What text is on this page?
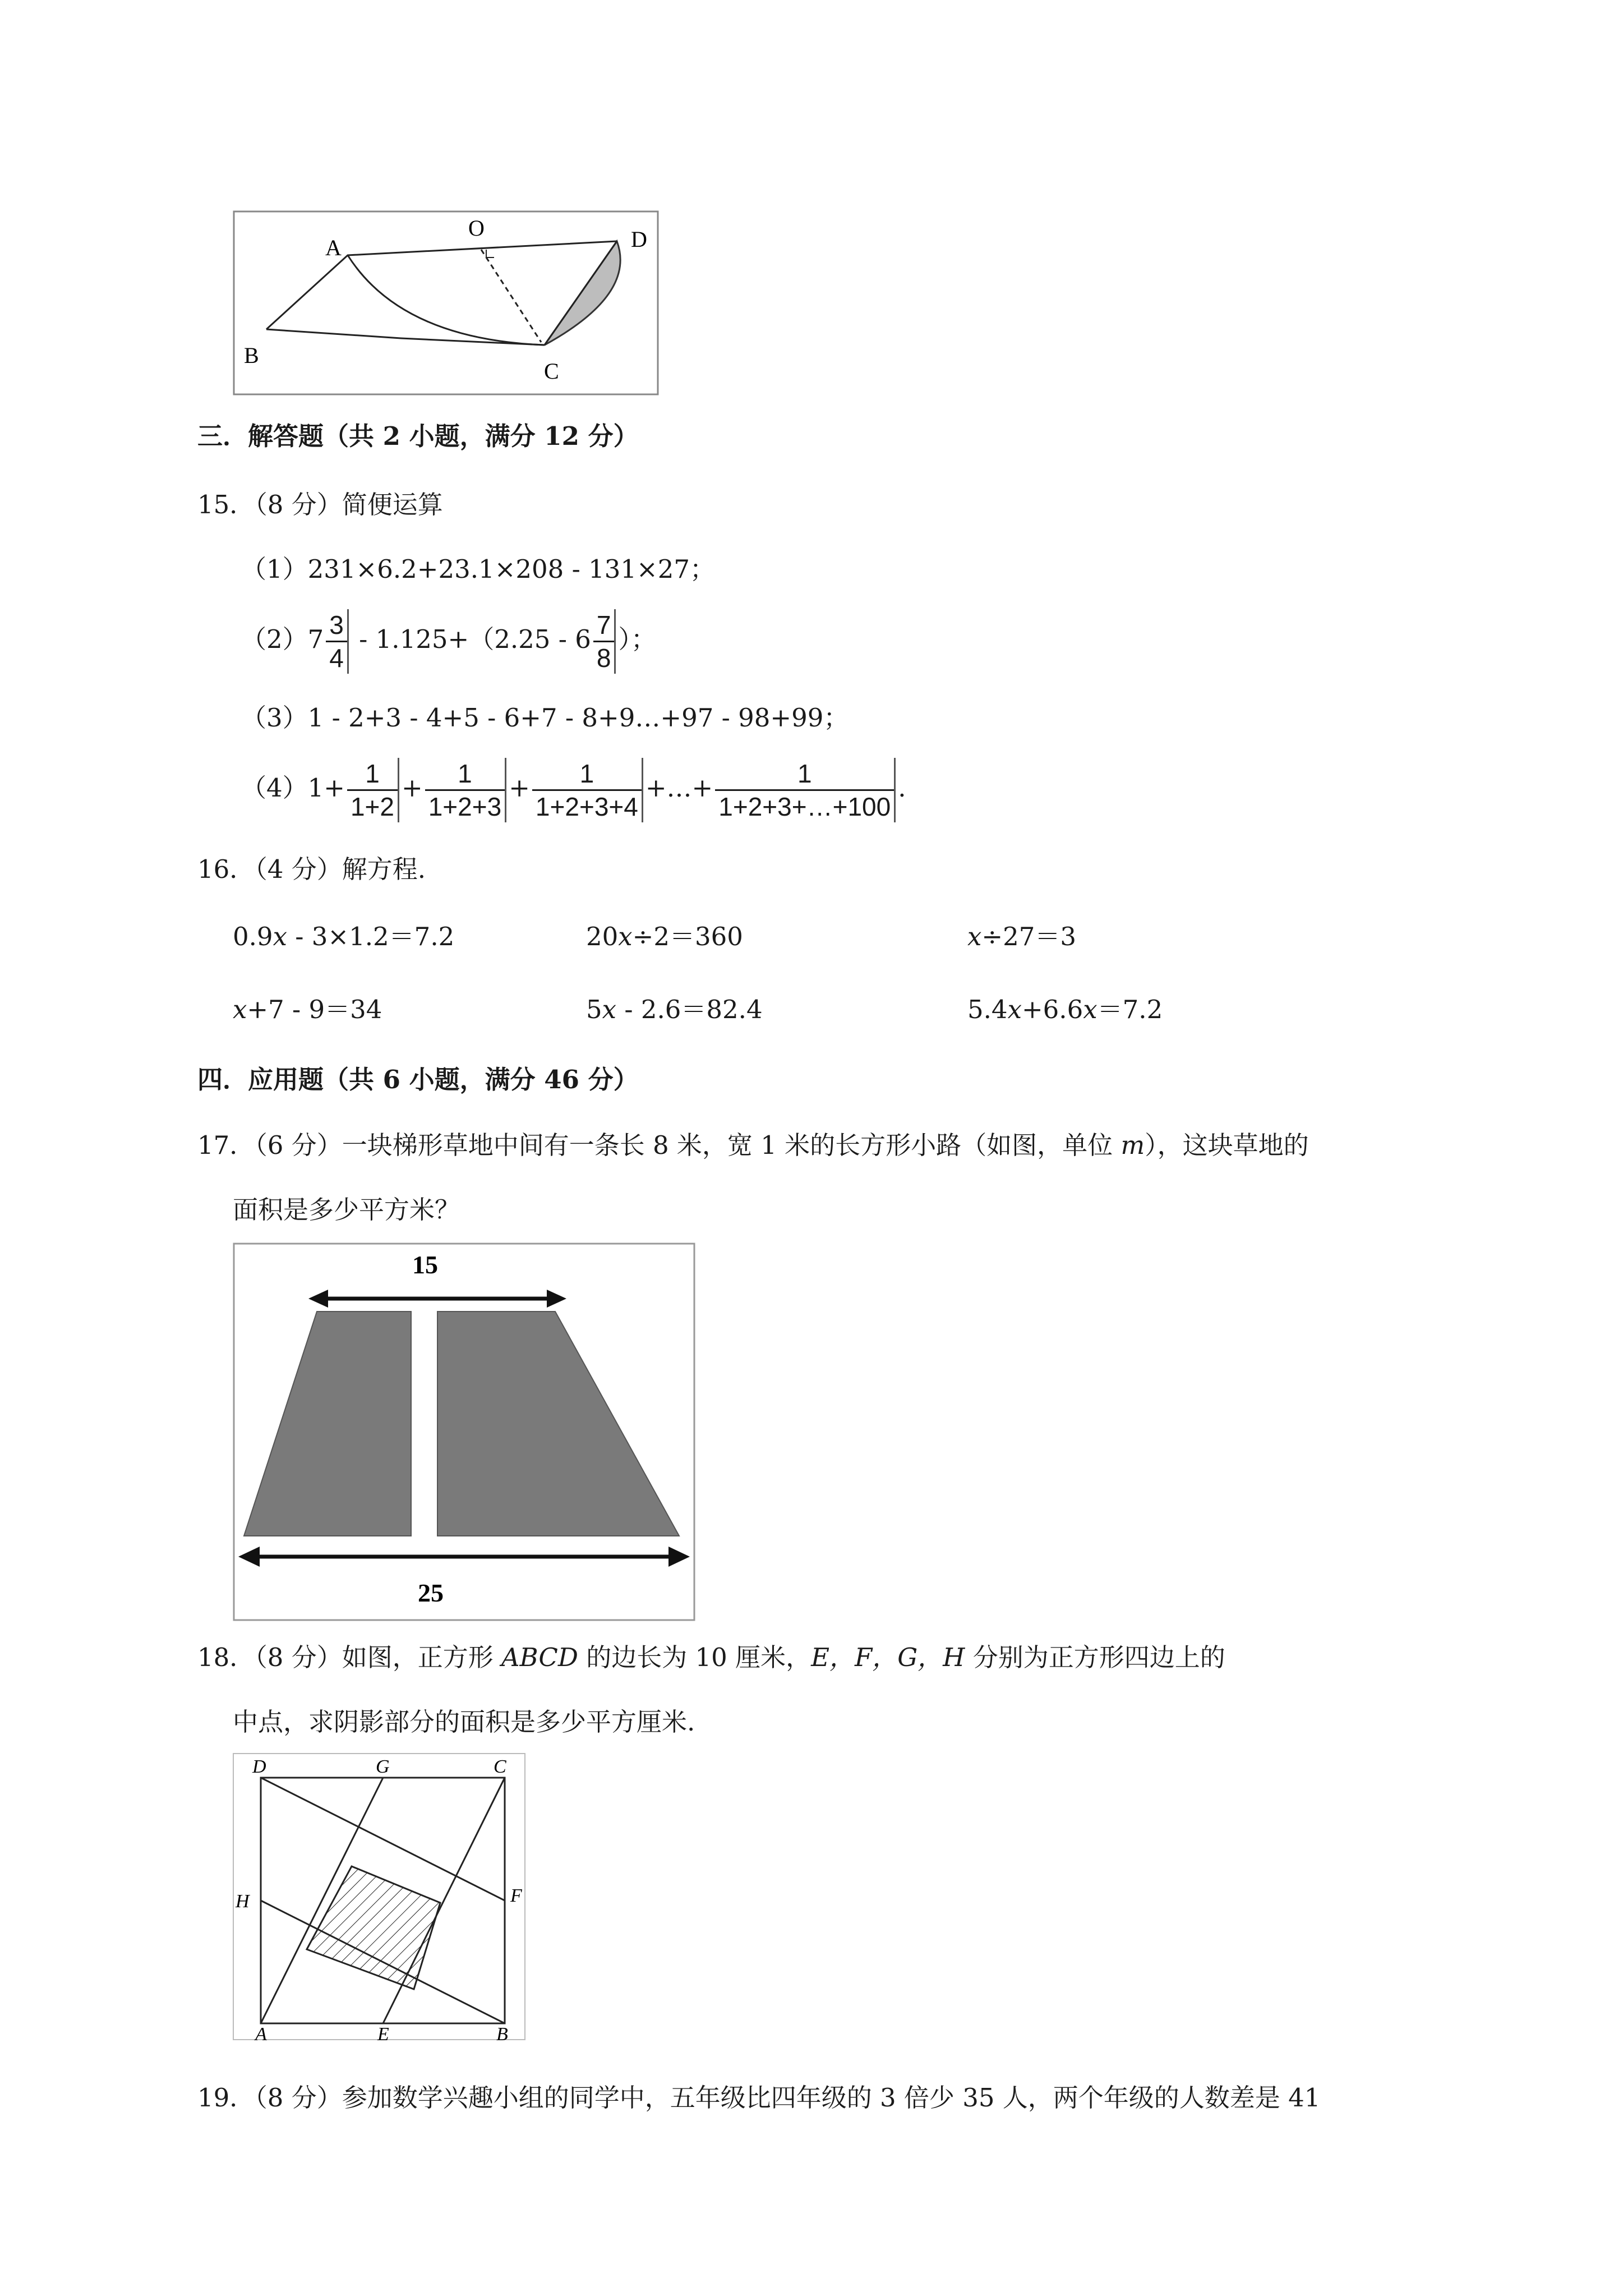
A
O	D
B
C
三．解答题（共 2 小题，满分 12 分）
15．（8 分）简便运算
（1）231×6.2+23.1×208 - 131×27；
$(2)7 \frac{3}{4} - 1.125+(2.25 - 6 \frac{7}{8}$ ）；
（3）1 - 2+3 - 4+5 - 6+7 - 8+9…+97 - 98+99；
$(4)1+ \frac{1}{1+2} + \frac{1}{1+2+3} + \frac{1}{1+2+3+4}$ +…+ $\frac{1}{1+2+3+\dots+100}$ .
16．（4 分）解方程.
0.9x - 3×1.2＝7.2	20x÷2＝360	x÷27＝3
x+7 - 9＝34	5x - 2.6＝82.4	5.4x+6.6x＝7.2
四．应用题（共 6 小题，满分 46 分）
17．（6 分）一块梯形草地中间有一条长 8 米，宽 1 米的长方形小路（如图，单位 m），这块草地的
面积是多少平方米？
15
25
18．（8 分）如图，正方形 ABCD 的边长为 10 厘米，E，F，G，H 分别为正方形四边上的
中点，求阴影部分的面积是多少平方厘米.
D	G	C
H	F
A	E	B
19．（8 分）参加数学兴趣小组的同学中，五年级比四年级的 3 倍少 35 人，两个年级的人数差是 41
